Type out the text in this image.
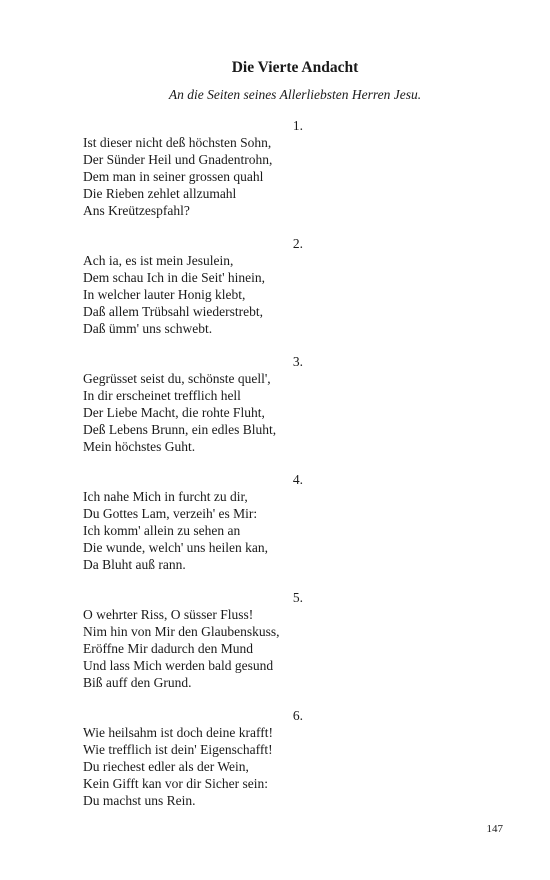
Die Vierte Andacht

An die Seiten seines Allerliebsten Herren Jesu.

1.
Ist dieser nicht deß höchsten Sohn,
Der Sünder Heil und Gnadentrohn,
Dem man in seiner grossen quahl
Die Rieben zehlet allzumahl
Ans Kreützespfahl?
2.
Ach ia, es ist mein Jesulein,
Dem schau Ich in die Seit' hinein,
In welcher lauter Honig klebt,
Daß allem Trübsahl wiederstrebt,
Daß ümm' uns schwebt.
3.
Gegrüsset seist du, schönste quell',
In dir erscheinet trefflich hell
Der Liebe Macht, die rohte Fluht,
Deß Lebens Brunn, ein edles Bluht,
Mein höchstes Guht.
4.
Ich nahe Mich in furcht zu dir,
Du Gottes Lam, verzeih' es Mir:
Ich komm' allein zu sehen an
Die wunde, welch' uns heilen kan,
Da Bluht auß rann.
5.
O wehrter Riss, O süsser Fluss!
Nim hin von Mir den Glaubenskuss,
Eröffne Mir dadurch den Mund
Und lass Mich werden bald gesund
Biß auff den Grund.
6.
Wie heilsahm ist doch deine krafft!
Wie trefflich ist dein' Eigenschafft!
Du riechest edler als der Wein,
Kein Gifft kan vor dir Sicher sein:
Du machst uns Rein.
147
